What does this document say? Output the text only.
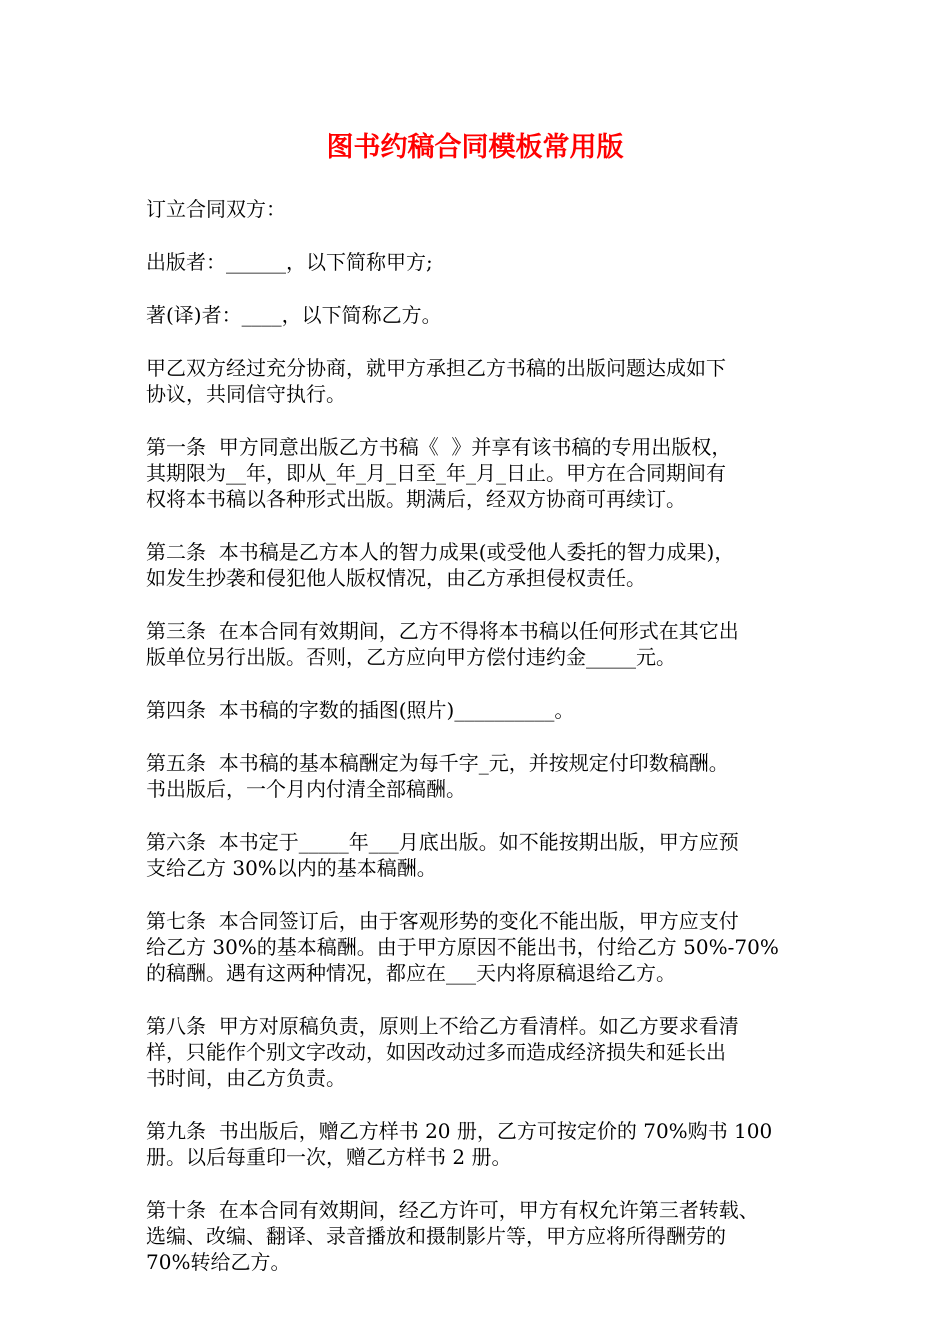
图书约稿合同模板常用版

订立合同双方：

出版者：______，以下简称甲方;

著(译)者：____，以下简称乙方。

甲乙双方经过充分协商，就甲方承担乙方书稿的出版问题达成如下
协议，共同信守执行。

第一条  甲方同意出版乙方书稿《  》并享有该书稿的专用出版权，
其期限为__年，即从_年_月_日至_年_月_日止。甲方在合同期间有
权将本书稿以各种形式出版。期满后，经双方协商可再续订。

第二条  本书稿是乙方本人的智力成果(或受他人委托的智力成果)，
如发生抄袭和侵犯他人版权情况，由乙方承担侵权责任。

第三条  在本合同有效期间，乙方不得将本书稿以任何形式在其它出
版单位另行出版。否则，乙方应向甲方偿付违约金_____元。

第四条  本书稿的字数的插图(照片)__________。

第五条  本书稿的基本稿酬定为每千字_元，并按规定付印数稿酬。
书出版后，一个月内付清全部稿酬。

第六条  本书定于_____年___月底出版。如不能按期出版，甲方应预
支给乙方 30%以内的基本稿酬。

第七条  本合同签订后，由于客观形势的变化不能出版，甲方应支付
给乙方 30%的基本稿酬。由于甲方原因不能出书，付给乙方 50%-70%
的稿酬。遇有这两种情况，都应在___天内将原稿退给乙方。

第八条  甲方对原稿负责，原则上不给乙方看清样。如乙方要求看清
样，只能作个别文字改动，如因改动过多而造成经济损失和延长出
书时间，由乙方负责。

第九条  书出版后，赠乙方样书 20 册，乙方可按定价的 70%购书 100
册。以后每重印一次，赠乙方样书 2 册。

第十条  在本合同有效期间，经乙方许可，甲方有权允许第三者转载、
选编、改编、翻译、录音播放和摄制影片等，甲方应将所得酬劳的
70%转给乙方。
